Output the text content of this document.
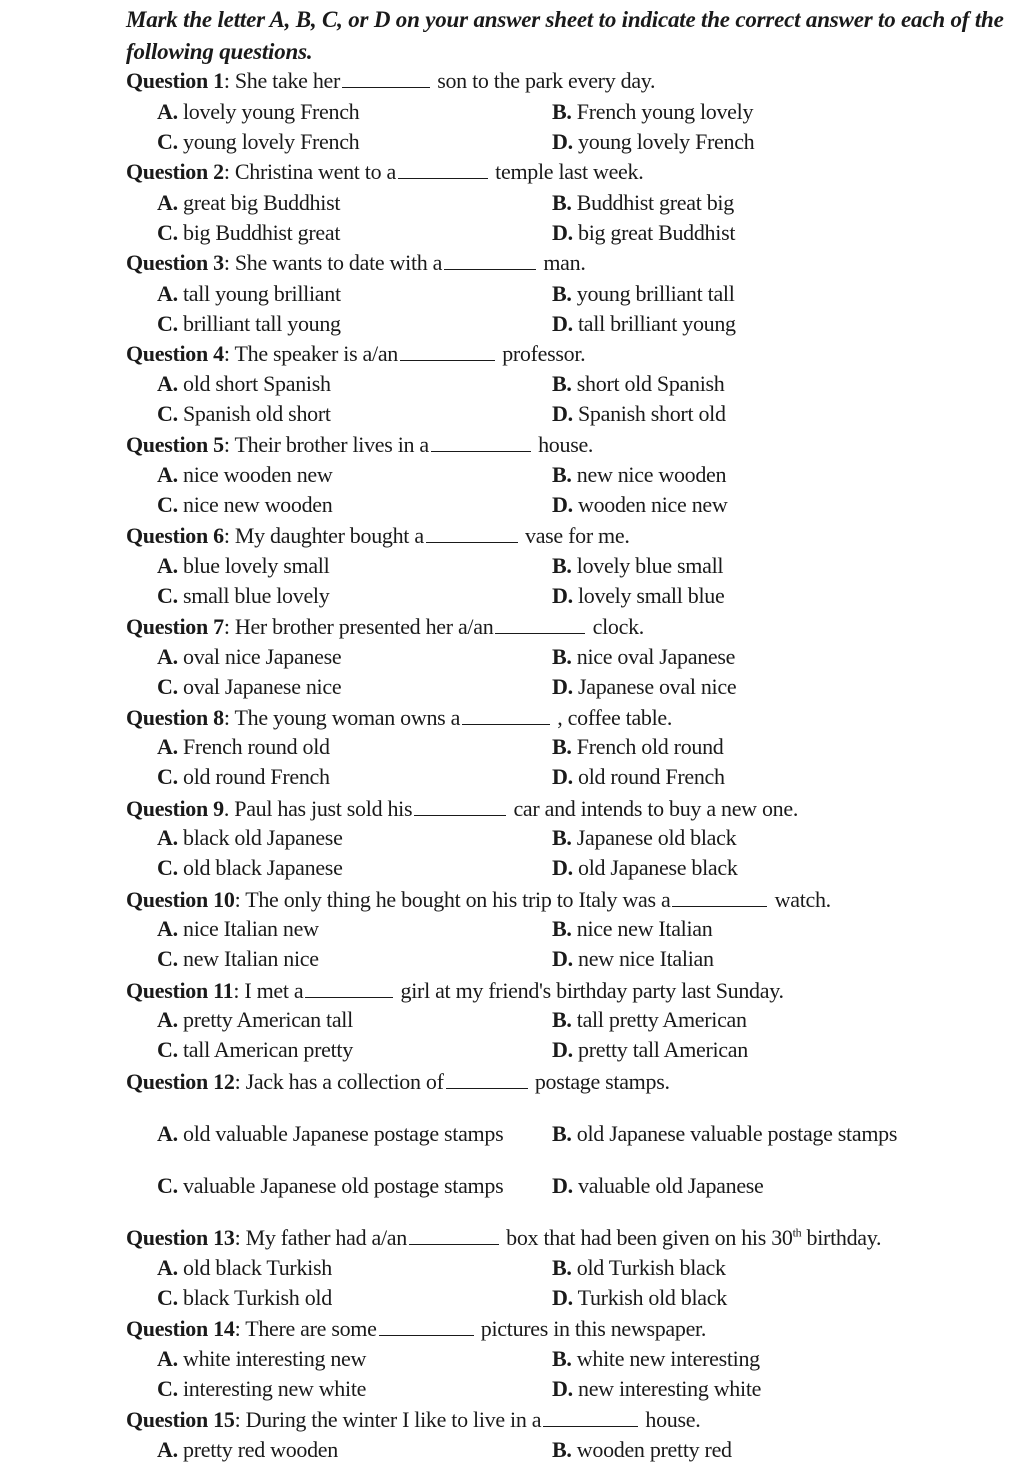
Mark the letter A, B, C, or D on your answer sheet to indicate the correct answer to each of the
following questions.
Question 1: She take her	son to the park every day.
A. lovely young French	B. French young lovely
C. young lovely French	D. young lovely French
Question 2: Christina went to a	temple last week.
A. great big Buddhist	B. Buddhist great big
C. big Buddhist great	D. big great Buddhist
Question 3: She wants to date with a	man.
A. tall young brilliant	B. young brilliant tall
C. brilliant tall young	D. tall brilliant young
Question 4: The speaker is a/an	professor.
A. old short Spanish	B. short old Spanish
C. Spanish old short	D. Spanish short old
Question 5: Their brother lives in a	house.
A. nice wooden new	B. new nice wooden
C. nice new wooden	D. wooden nice new
Question 6: My daughter bought a	vase for me.
A. blue lovely small	B. lovely blue small
C. small blue lovely	D. lovely small blue
Question 7: Her brother presented her a/an	clock.
A. oval nice Japanese	B. nice oval Japanese
C. oval Japanese nice	D. Japanese oval nice
Question 8: The young woman owns a	, coffee table.
A. French round old	B. French old round
C. old round French	D. old round French
Question 9. Paul has just sold his	car and intends to buy a new one.
A. black old Japanese	B. Japanese old black
C. old black Japanese	D. old Japanese black
Question 10: The only thing he bought on his trip to Italy was a	watch.
A. nice Italian new	B. nice new Italian
C. new Italian nice	D. new nice Italian
Question 11: I met a	girl at my friend's birthday party last Sunday.
A. pretty American tall	B. tall pretty American
C. tall American pretty	D. pretty tall American
Question 12: Jack has a collection of	postage stamps.
A. old valuable Japanese postage stamps B. old Japanese valuable postage stamps
C. valuable Japanese old postage stamps D. valuable old Japanese
Question 13: My father had a/an	box that had been given on his 30th birthday.
A. old black Turkish	B. old Turkish black
C. black Turkish old	D. Turkish old black
Question 14: There are some	pictures in this newspaper.
A. white interesting new	B. white new interesting
C. interesting new white	D. new interesting white
Question 15: During the winter I like to live in a	house.
A. pretty red wooden	B. wooden pretty red
